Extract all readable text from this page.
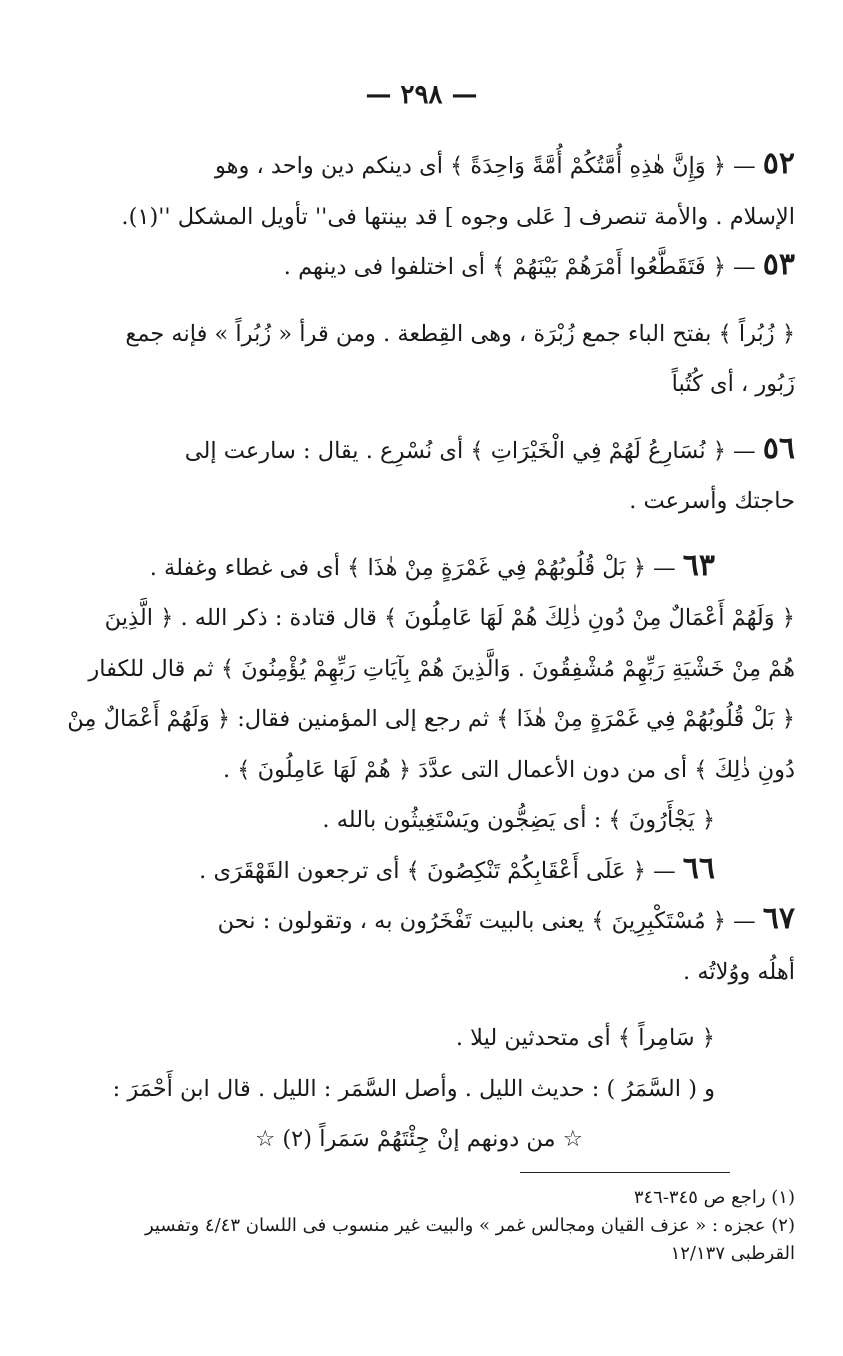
— ٢٩٨ —

٥٢ — ﴿ وَإِنَّ هٰذِهِ أُمَّتُكُمْ أُمَّةً وَاحِدَةً ﴾ أى دينكم دين واحد ، وهو

الإسلام . والأمة تنصرف [ عَلى وجوه ] قد بينتها فى'' تأويل المشكل ''(١).

٥٣ — ﴿ فَتَقَطَّعُوا أَمْرَهُمْ بَيْنَهُمْ ﴾ أى اختلفوا فى دينهم .

﴿ زُبُراً ﴾ بفتح الباء جمع زُبْرَة ، وهى القِطعة . ومن قرأ « زُبُراً » فإنه جمع

زَبُور ، أى كُتُباً

٥٦ — ﴿ نُسَارِعُ لَهُمْ فِي الْخَيْرَاتِ ﴾ أى نُسْرِع . يقال : سارعت إلى

حاجتك وأسرعت .

٦٣ — ﴿ بَلْ قُلُوبُهُمْ فِي غَمْرَةٍ مِنْ هٰذَا ﴾ أى فى غطاء وغفلة .

﴿ وَلَهُمْ أَعْمَالٌ مِنْ دُونِ ذٰلِكَ هُمْ لَهَا عَامِلُونَ ﴾ قال قتادة : ذكر الله . ﴿ الَّذِينَ

هُمْ مِنْ خَشْيَةِ رَبِّهِمْ مُشْفِقُونَ . وَالَّذِينَ هُمْ بِآيَاتِ رَبِّهِمْ يُؤْمِنُونَ ﴾ ثم قال للكفار

﴿ بَلْ قُلُوبُهُمْ فِي غَمْرَةٍ مِنْ هٰذَا ﴾ ثم رجع إلى المؤمنين فقال: ﴿ وَلَهُمْ أَعْمَالٌ مِنْ

دُونِ ذٰلِكَ ﴾ أى من دون الأعمال التى عدَّدَ ﴿ هُمْ لَهَا عَامِلُونَ ﴾ .

﴿ يَجْأَرُونَ ﴾ : أى يَضِجُّون ويَسْتَغِيثُون بالله .

٦٦ — ﴿ عَلَى أَعْقَابِكُمْ تَنْكِصُونَ ﴾ أى ترجعون القَهْقَرَى .

٦٧ — ﴿ مُسْتَكْبِرِينَ ﴾ يعنى بالبيت تَفْخَرُون به ، وتقولون : نحن

أهلُه ووُلاتُه .

﴿ سَامِراً ﴾ أى متحدثين ليلا .

و ( السَّمَرُ ) : حديث الليل . وأصل السَّمَر : الليل . قال ابن أَحْمَرَ :

☆ من دونهم إنْ جِئْتَهُمْ سَمَراً (٢) ☆

(١) راجع ص ٣٤٥-٣٤٦

(٢) عجزه : « عزف القيان ومجالس غمر » والبيت غير منسوب فى اللسان ٤/٤٣ وتفسير

القرطبى ١٢/١٣٧
